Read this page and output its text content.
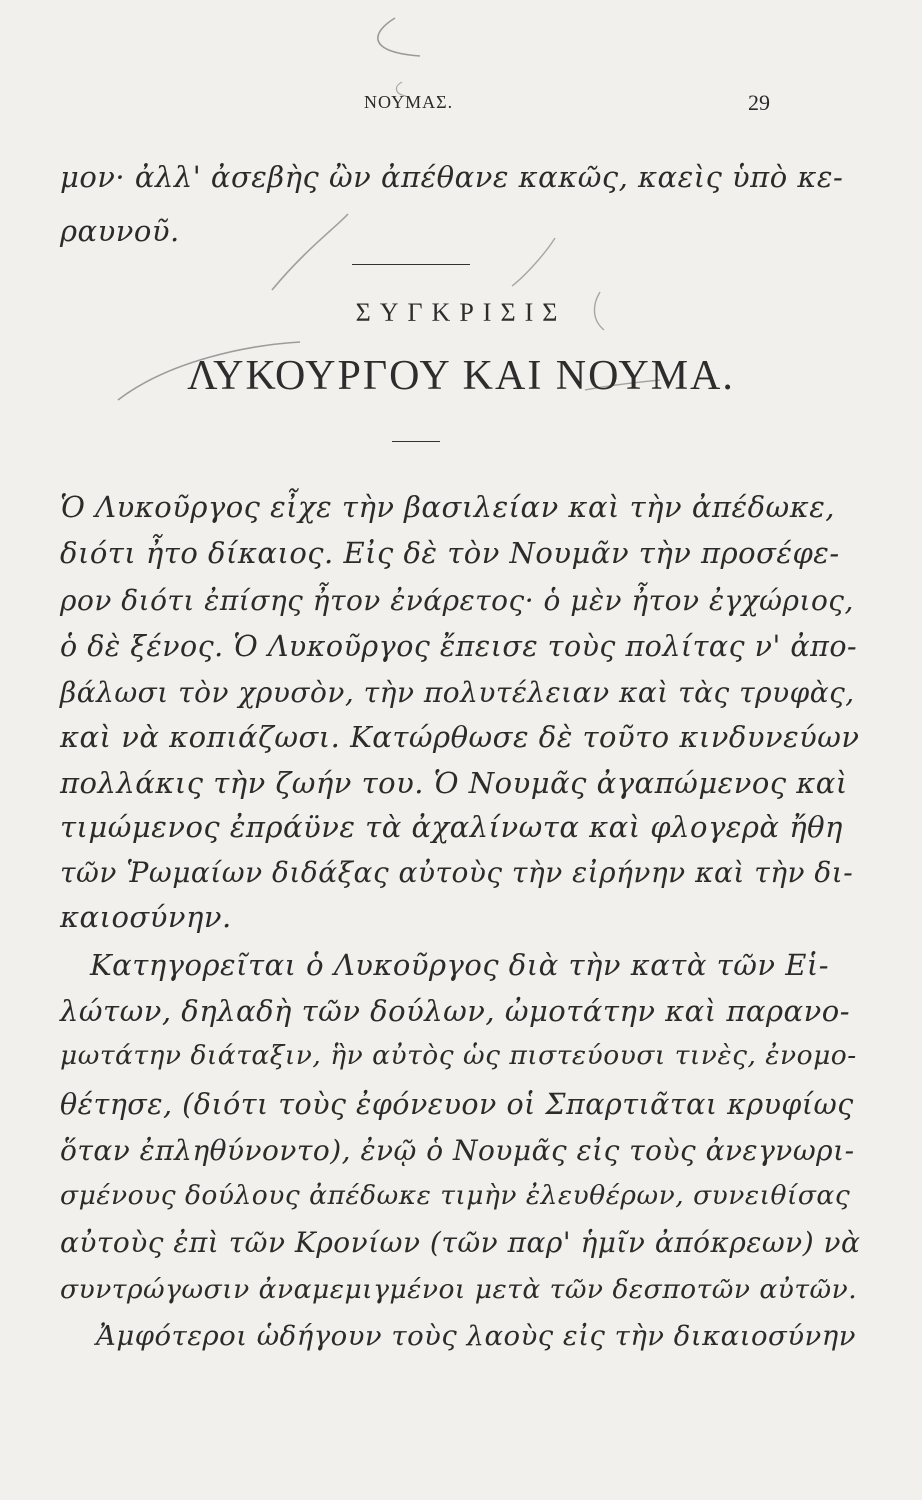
ΝΟΥΜΑΣ.	29
μον· ἀλλ' ἀσεβὴς ὢν ἀπέθανε κακῶς, καεὶς ὑπὸ κε-
ραυνοῦ.
ΣΥΓΚΡΙΣΙΣ
ΛΥΚΟΥΡΓΟΥ ΚΑΙ ΝΟΥΜΑ.
Ὁ Λυκοῦργος εἶχε τὴν βασιλείαν καὶ τὴν ἀπέδωκε,
διότι ἦτο δίκαιος. Εἰς δὲ τὸν Νουμᾶν τὴν προσέφε-
ρον διότι ἐπίσης ἦτον ἐνάρετος· ὁ μὲν ἦτον ἐγχώριος,
ὁ δὲ ξένος. Ὁ Λυκοῦργος ἔπεισε τοὺς πολίτας ν' ἀπο-
βάλωσι τὸν χρυσὸν, τὴν πολυτέλειαν καὶ τὰς τρυφὰς,
καὶ νὰ κοπιάζωσι. Κατώρθωσε δὲ τοῦτο κινδυνεύων
πολλάκις τὴν ζωήν του. Ὁ Νουμᾶς ἀγαπώμενος καὶ
τιμώμενος ἐπράϋνε τὰ ἀχαλίνωτα καὶ φλογερὰ ἤθη
τῶν Ῥωμαίων διδάξας αὐτοὺς τὴν εἰρήνην καὶ τὴν δι-
καιοσύνην.
Κατηγορεῖται ὁ Λυκοῦργος διὰ τὴν κατὰ τῶν Εἱ-
λώτων, δηλαδὴ τῶν δούλων, ὠμοτάτην καὶ παρανο-
μωτάτην διάταξιν, ἣν αὐτὸς ὡς πιστεύουσι τινὲς, ἐνομο-
θέτησε, (διότι τοὺς ἐφόνευον οἱ Σπαρτιᾶται κρυφίως
ὅταν ἐπληθύνοντο), ἐνῷ ὁ Νουμᾶς εἰς τοὺς ἀνεγνωρι-
σμένους δούλους ἀπέδωκε τιμὴν ἐλευθέρων, συνειθίσας
αὐτοὺς ἐπὶ τῶν Κρονίων (τῶν παρ' ἡμῖν ἀπόκρεων) νὰ
συντρώγωσιν ἀναμεμιγμένοι μετὰ τῶν δεσποτῶν αὐτῶν.
Ἀμφότεροι ὡδήγουν τοὺς λαοὺς εἰς τὴν δικαιοσύνην
